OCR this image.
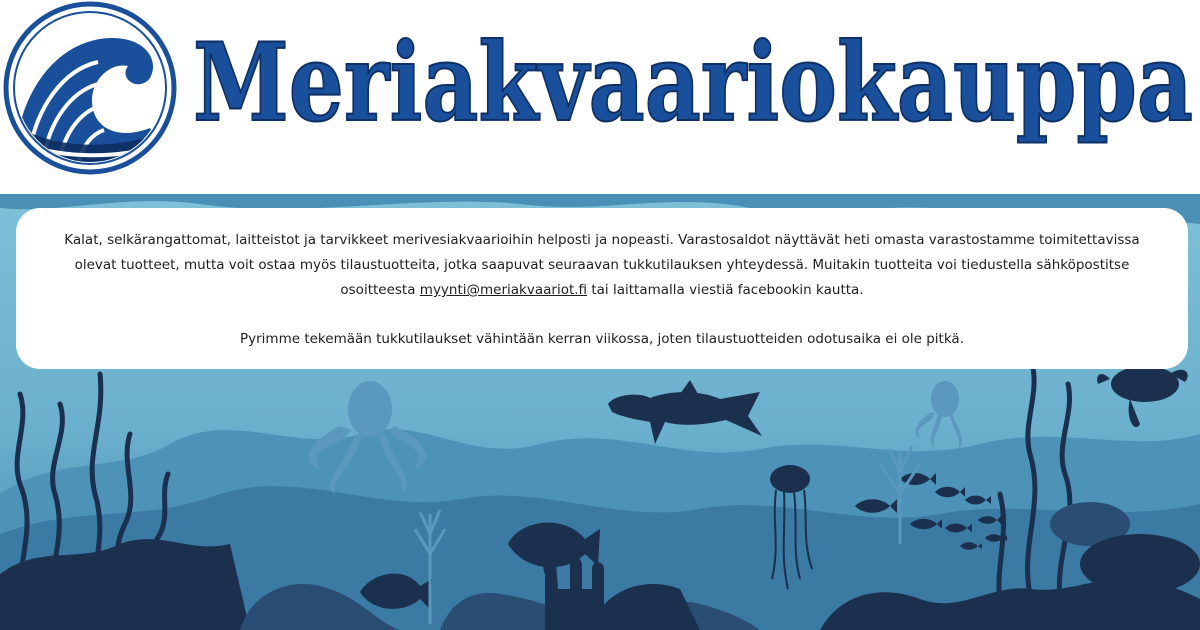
Meriakvaariokauppa

Kalat, selkärangattomat, laitteistot ja tarvikkeet merivesiakvaarioihin helposti ja nopeasti. Varastosaldot näyttävät heti omasta varastostamme toimitettavissa olevat tuotteet, mutta voit ostaa myös tilaustuotteita, jotka saapuvat seuraavan tukkutilauksen yhteydessä. Muitakin tuotteita voi tiedustella sähköpostitse osoitteesta myynti@meriakvaariot.fi tai laittamalla viestiä facebookin kautta.

Pyrimme tekemään tukkutilaukset vähintään kerran viikossa, joten tilaustuotteiden odotusaika ei ole pitkä.
